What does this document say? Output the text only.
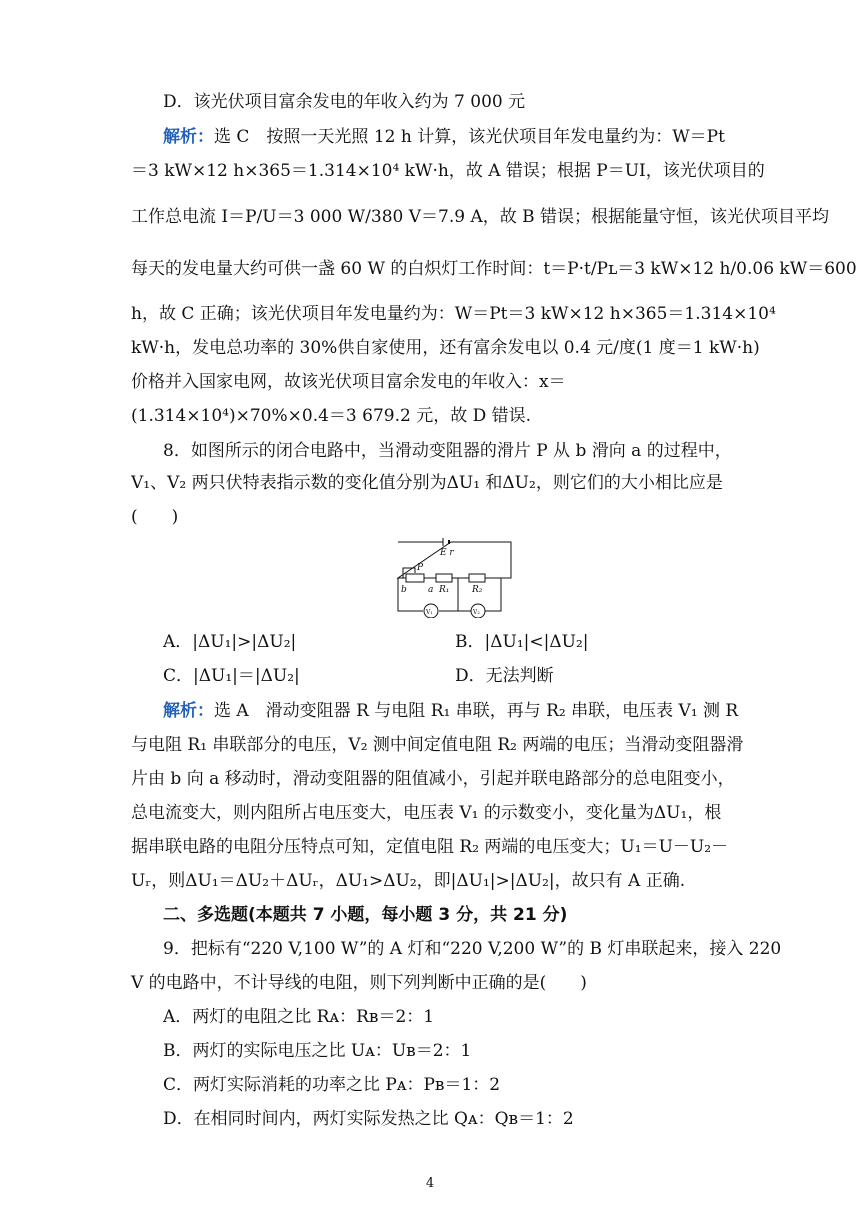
D．该光伏项目富余发电的年收入约为 7 000 元
解析：选 C　按照一天光照 12 h 计算，该光伏项目年发电量约为：W＝Pt
＝3 kW×12 h×365＝1.314×10⁴ kW·h，故 A 错误；根据 P＝UI，该光伏项目的
工作总电流 I＝P/U＝3 000 W/380 V＝7.9 A，故 B 错误；根据能量守恒，该光伏项目平均
每天的发电量大约可供一盏 60 W 的白炽灯工作时间：t＝P·t/Pʟ＝3 kW×12 h/0.06 kW＝600
h，故 C 正确；该光伏项目年发电量约为：W＝Pt＝3 kW×12 h×365＝1.314×10⁴
kW·h，发电总功率的 30%供自家使用，还有富余发电以 0.4 元/度(1 度＝1 kW·h)
价格并入国家电网，故该光伏项目富余发电的年收入：x＝
(1.314×10⁴)×70%×0.4＝3 679.2 元，故 D 错误.
8．如图所示的闭合电路中，当滑动变阻器的滑片 P 从 b 滑向 a 的过程中，
V₁、V₂ 两只伏特表指示数的变化值分别为ΔU₁ 和ΔU₂，则它们的大小相比应是
(　　)
E r
P
b a R₁	R₂
V₁	V₂
A．|ΔU₁|>|ΔU₂|	B．|ΔU₁|<|ΔU₂|
C．|ΔU₁|＝|ΔU₂|	D．无法判断
解析：选 A　滑动变阻器 R 与电阻 R₁ 串联，再与 R₂ 串联，电压表 V₁ 测 R
与电阻 R₁ 串联部分的电压，V₂ 测中间定值电阻 R₂ 两端的电压；当滑动变阻器滑
片由 b 向 a 移动时，滑动变阻器的阻值减小，引起并联电路部分的总电阻变小，
总电流变大，则内阻所占电压变大，电压表 V₁ 的示数变小，变化量为ΔU₁，根
据串联电路的电阻分压特点可知，定值电阻 R₂ 两端的电压变大；U₁＝U－U₂－
Uᵣ，则ΔU₁＝ΔU₂＋ΔUᵣ，ΔU₁>ΔU₂，即|ΔU₁|>|ΔU₂|，故只有 A 正确.
二、多选题(本题共 7 小题，每小题 3 分，共 21 分)
9．把标有“220 V,100 W”的 A 灯和“220 V,200 W”的 B 灯串联起来，接入 220
V 的电路中，不计导线的电阻，则下列判断中正确的是(　　)
A．两灯的电阻之比 Rᴀ：Rʙ＝2：1
B．两灯的实际电压之比 Uᴀ：Uʙ＝2：1
C．两灯实际消耗的功率之比 Pᴀ：Pʙ＝1：2
D．在相同时间内，两灯实际发热之比 Qᴀ：Qʙ＝1：2
4
